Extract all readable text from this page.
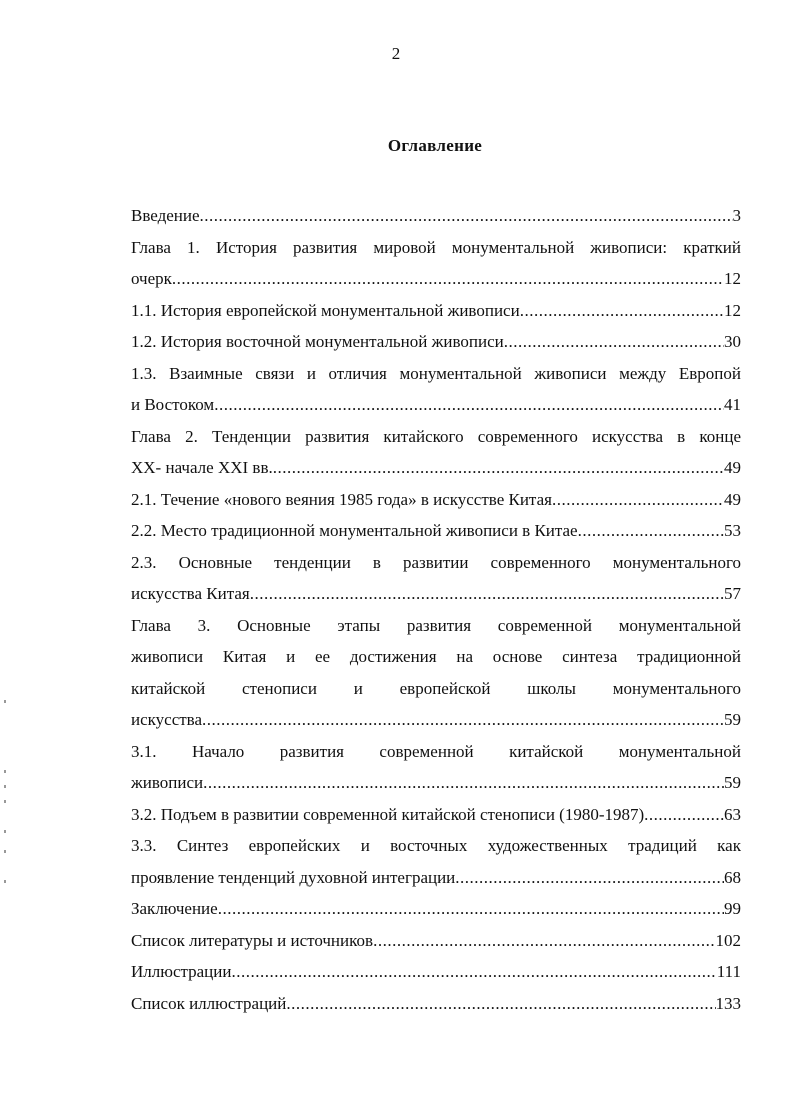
2
Оглавление
Введение .....	3
Глава 1. История развития мировой монументальной живописи: краткий
очерк .....	12
1.1. История европейской монументальной живописи .....	12
1.2. История восточной монументальной живописи .....	30
1.3. Взаимные связи и отличия монументальной живописи между Европой
и Востоком .....	41
Глава 2. Тенденции развития китайского современного искусства в конце
XX- начале XXI вв. .....	49
2.1. Течение «нового веяния 1985 года» в искусстве Китая .....	49
2.2. Место традиционной монументальной живописи в Китае .....	53
2.3. Основные тенденции в развитии современного монументального
искусства Китая .....	57
Глава 3. Основные этапы развития современной монументальной
живописи Китая и ее достижения на основе синтеза традиционной
китайской стенописи и европейской школы монументального
искусства .....	59
3.1. Начало развития современной китайской монументальной
живописи .....	59
3.2. Подъем в развитии современной китайской стенописи (1980-1987) .....	63
3.3. Синтез европейских и восточных художественных традиций как
проявление тенденций духовной интеграции .....	68
Заключение .....	99
Список литературы и источников .....	102
Иллюстрации .....	111
Список иллюстраций .....	133
